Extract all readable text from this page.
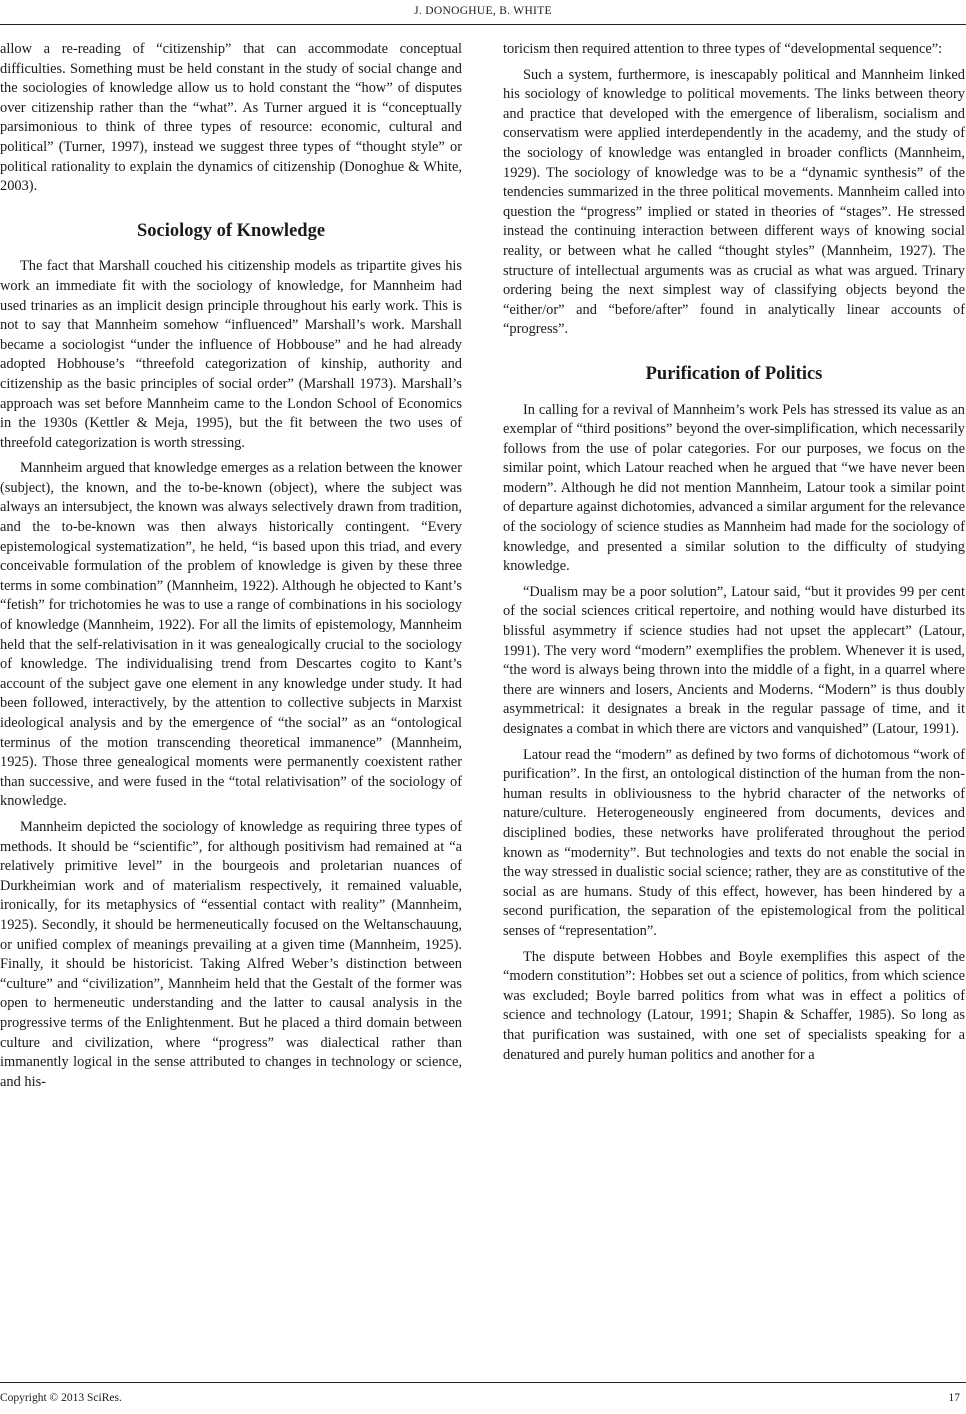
J. DONOGHUE, B. WHITE

allow a re-reading of “citizenship” that can accommodate conceptual difficulties. Something must be held constant in the study of social change and the sociologies of knowledge allow us to hold constant the “how” of disputes over citizenship rather than the “what”. As Turner argued it is “conceptually parsimonious to think of three types of resource: economic, cultural and political” (Turner, 1997), instead we suggest three types of “thought style” or political rationality to explain the dynamics of citizenship (Donoghue & White, 2003).

Sociology of Knowledge

The fact that Marshall couched his citizenship models as tripartite gives his work an immediate fit with the sociology of knowledge, for Mannheim had used trinaries as an implicit design principle throughout his early work. This is not to say that Mannheim somehow “influenced” Marshall’s work. Marshall became a sociologist “under the influence of Hobbouse” and he had already adopted Hobhouse’s “threefold categorization of kinship, authority and citizenship as the basic principles of social order” (Marshall 1973). Marshall’s approach was set before Mannheim came to the London School of Economics in the 1930s (Kettler & Meja, 1995), but the fit between the two uses of threefold categorization is worth stressing.

Mannheim argued that knowledge emerges as a relation between the knower (subject), the known, and the to-be-known (object), where the subject was always an intersubject, the known was always selectively drawn from tradition, and the to-be-known was then always historically contingent. “Every epistemological systematization”, he held, “is based upon this triad, and every conceivable formulation of the problem of knowledge is given by these three terms in some combination” (Mannheim, 1922). Although he objected to Kant’s “fetish” for trichotomies he was to use a range of combinations in his sociology of knowledge (Mannheim, 1922). For all the limits of epistemology, Mannheim held that the self-relativisation in it was genealogically crucial to the sociology of knowledge. The individualising trend from Descartes cogito to Kant’s account of the subject gave one element in any knowledge under study. It had been followed, interactively, by the attention to collective subjects in Marxist ideological analysis and by the emergence of “the social” as an “ontological terminus of the motion transcending theoretical immanence” (Mannheim, 1925). Those three genealogical moments were permanently coexistent rather than successive, and were fused in the “total relativisation” of the sociology of knowledge.

Mannheim depicted the sociology of knowledge as requiring three types of methods. It should be “scientific”, for although positivism had remained at “a relatively primitive level” in the bourgeois and proletarian nuances of Durkheimian work and of materialism respectively, it remained valuable, ironically, for its metaphysics of “essential contact with reality” (Mannheim, 1925). Secondly, it should be hermeneutically focused on the Weltanschauung, or unified complex of meanings prevailing at a given time (Mannheim, 1925). Finally, it should be historicist. Taking Alfred Weber’s distinction between “culture” and “civilization”, Mannheim held that the Gestalt of the former was open to hermeneutic understanding and the latter to causal analysis in the progressive terms of the Enlightenment. But he placed a third domain between culture and civilization, where “progress” was dialectical rather than immanently logical in the sense attributed to changes in technology or science, and his-

toricism then required attention to three types of “developmental sequence”:

Such a system, furthermore, is inescapably political and Mannheim linked his sociology of knowledge to political movements. The links between theory and practice that developed with the emergence of liberalism, socialism and conservatism were applied interdependently in the academy, and the study of the sociology of knowledge was entangled in broader conflicts (Mannheim, 1929). The sociology of knowledge was to be a “dynamic synthesis” of the tendencies summarized in the three political movements. Mannheim called into question the “progress” implied or stated in theories of “stages”. He stressed instead the continuing interaction between different ways of knowing social reality, or between what he called “thought styles” (Mannheim, 1927). The structure of intellectual arguments was as crucial as what was argued. Trinary ordering being the next simplest way of classifying objects beyond the “either/or” and “before/after” found in analytically linear accounts of “progress”.

Purification of Politics

In calling for a revival of Mannheim’s work Pels has stressed its value as an exemplar of “third positions” beyond the over-simplification, which necessarily follows from the use of polar categories. For our purposes, we focus on the similar point, which Latour reached when he argued that “we have never been modern”. Although he did not mention Mannheim, Latour took a similar point of departure against dichotomies, advanced a similar argument for the relevance of the sociology of science studies as Mannheim had made for the sociology of knowledge, and presented a similar solution to the difficulty of studying knowledge.

“Dualism may be a poor solution”, Latour said, “but it provides 99 per cent of the social sciences critical repertoire, and nothing would have disturbed its blissful asymmetry if science studies had not upset the applecart” (Latour, 1991). The very word “modern” exemplifies the problem. Whenever it is used, “the word is always being thrown into the middle of a fight, in a quarrel where there are winners and losers, Ancients and Moderns. “Modern” is thus doubly asymmetrical: it designates a break in the regular passage of time, and it designates a combat in which there are victors and vanquished” (Latour, 1991).

Latour read the “modern” as defined by two forms of dichotomous “work of purification”. In the first, an ontological distinction of the human from the non-human results in obliviousness to the hybrid character of the networks of nature/culture. Heterogeneously engineered from documents, devices and disciplined bodies, these networks have proliferated throughout the period known as “modernity”. But technologies and texts do not enable the social in the way stressed in dualistic social science; rather, they are as constitutive of the social as are humans. Study of this effect, however, has been hindered by a second purification, the separation of the epistemological from the political senses of “representation”.

The dispute between Hobbes and Boyle exemplifies this aspect of the “modern constitution”: Hobbes set out a science of politics, from which science was excluded; Boyle barred politics from what was in effect a politics of science and technology (Latour, 1991; Shapin & Schaffer, 1985). So long as that purification was sustained, with one set of specialists speaking for a denatured and purely human politics and another for a

Copyright © 2013 SciRes.	17
